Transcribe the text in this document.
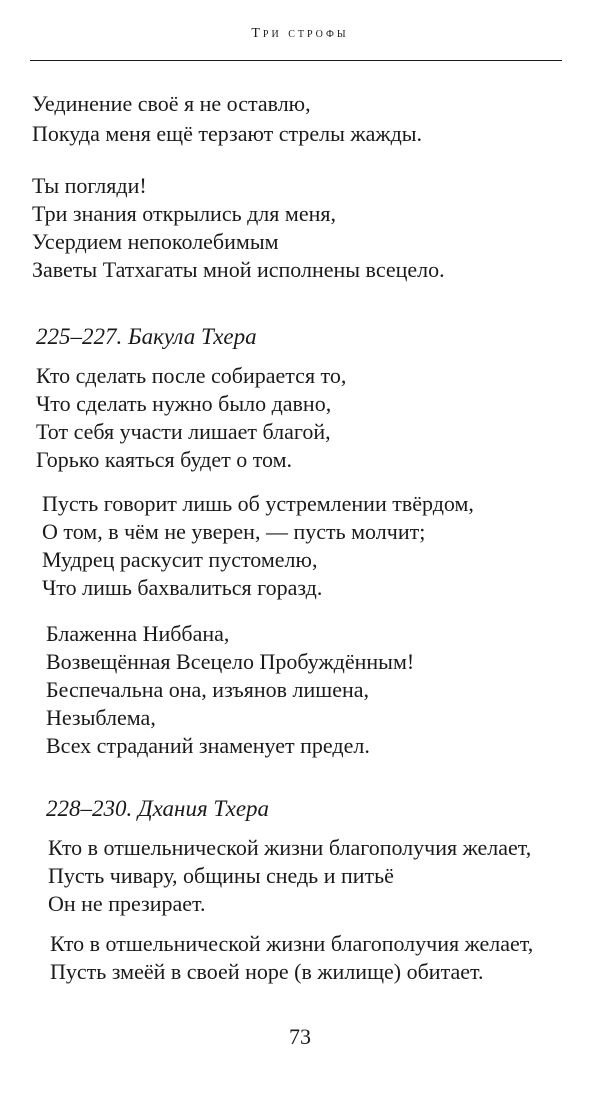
Три строфы
Уединение своё я не оставлю,
Покуда меня ещё терзают стрелы жажды.
Ты погляди!
Три знания открылись для меня,
Усердием непоколебимым
Заветы Татхагаты мной исполнены всецело.
225–227. Бакула Тхера
Кто сделать после собирается то,
Что сделать нужно было давно,
Тот себя участи лишает благой,
Горько каяться будет о том.
Пусть говорит лишь об устремлении твёрдом,
О том, в чём не уверен, — пусть молчит;
Мудрец раскусит пустомелю,
Что лишь бахвалиться горазд.
Блаженна Ниббана,
Возвещённая Всецело Пробуждённым!
Беспечальна она, изъянов лишена,
Незыблема,
Всех страданий знаменует предел.
228–230. Дхания Тхера
Кто в отшельнической жизни благополучия желает,
Пусть чивару, общины снедь и питьё
Он не презирает.
Кто в отшельнической жизни благополучия желает,
Пусть змеёй в своей норе (в жилище) обитает.
73
